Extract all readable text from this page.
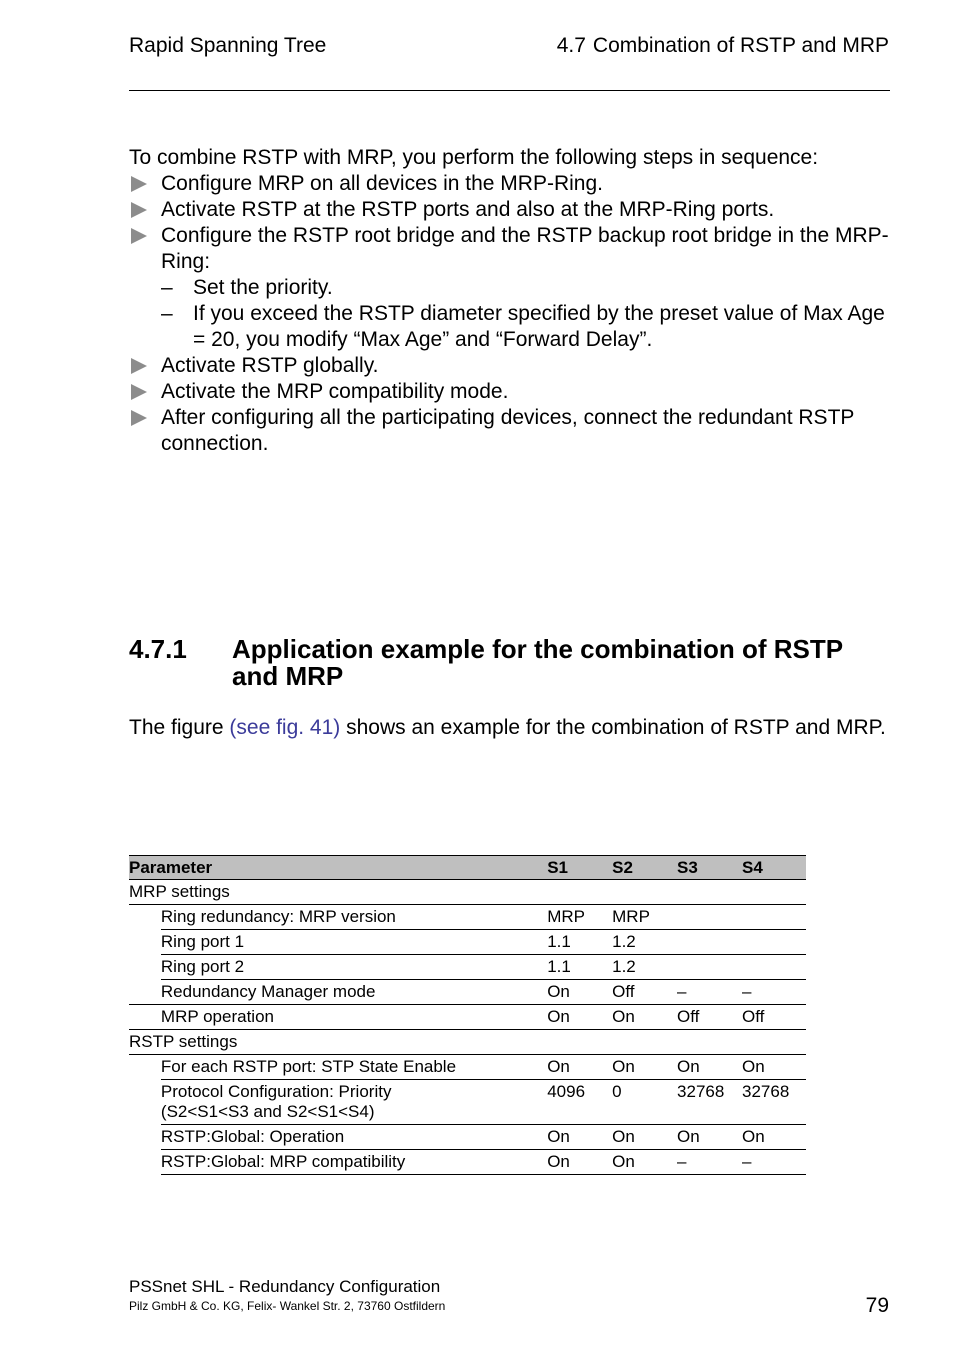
Rapid Spanning Tree	4.7 Combination of RSTP and MRP

To combine RSTP with MRP, you perform the following steps in sequence:

Configure MRP on all devices in the MRP-Ring.
Activate RSTP at the RSTP ports and also at the MRP-Ring ports.
Configure the RSTP root bridge and the RSTP backup root bridge in the MRP-Ring:
– Set the priority.
– If you exceed the RSTP diameter specified by the preset value of Max Age = 20, you modify “Max Age” and “Forward Delay”.
Activate RSTP globally.
Activate the MRP compatibility mode.
After configuring all the participating devices, connect the redundant RSTP connection.
4.7.1 Application example for the combination of RSTP and MRP

The figure (see fig. 41) shows an example for the combination of RSTP and MRP.

Parameter		S1	S2	S3	S4
MRP settings					
	Ring redundancy: MRP version	MRP	MRP		
	Ring port 1	1.1	1.2		
	Ring port 2	1.1	1.2		
	Redundancy Manager mode	On	Off	–	–
	MRP operation	On	On	Off	Off
RSTP settings					
	For each RSTP port: STP State Enable	On	On	On	On

	Protocol Configuration: Priority
(S2<S1<S3 and S2<S1<S4)	4096	0	32768	32768
	RSTP:Global: Operation	On	On	On	On
	RSTP:Global: MRP compatibility	On	On	–	–
PSSnet SHL - Redundancy Configuration
Pilz GmbH & Co. KG, Felix- Wankel Str. 2, 73760 Ostfildern	79
